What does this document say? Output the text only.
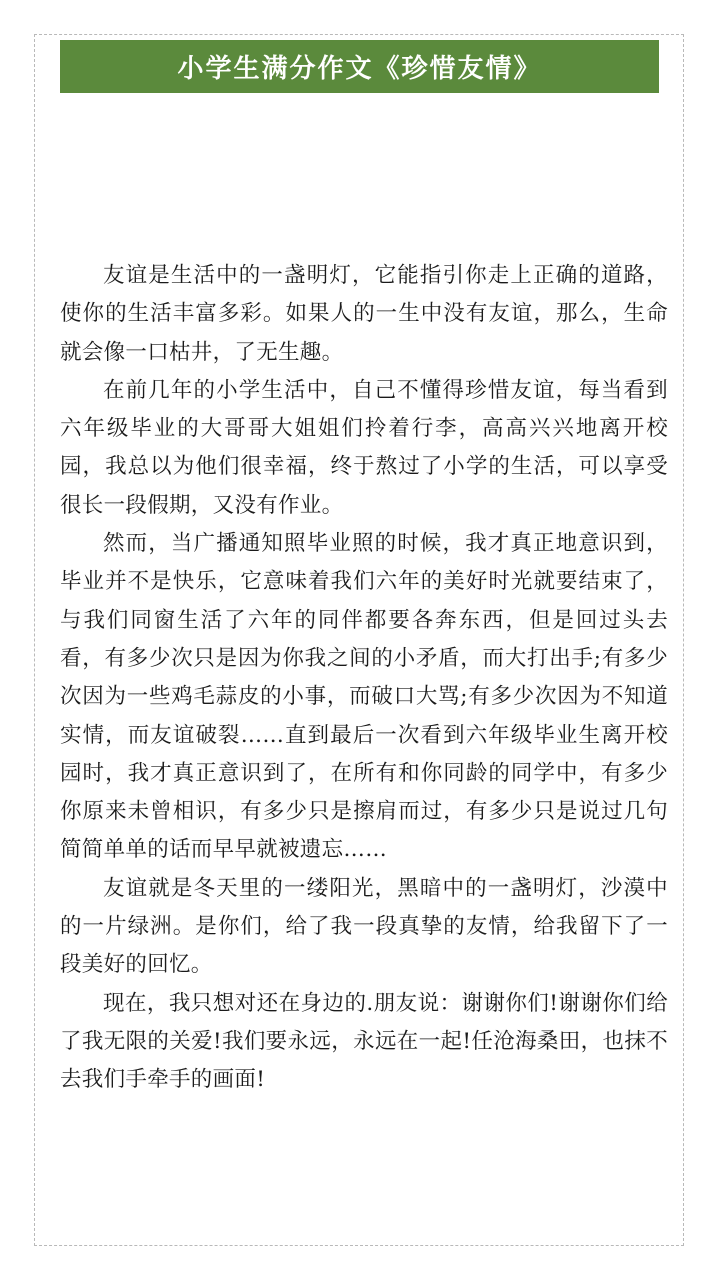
小学生满分作文《珍惜友情》

友谊是生活中的一盏明灯，它能指引你走上正确的道路，使你的生活丰富多彩。如果人的一生中没有友谊，那么，生命就会像一口枯井，了无生趣。

在前几年的小学生活中，自己不懂得珍惜友谊，每当看到六年级毕业的大哥哥大姐姐们拎着行李，高高兴兴地离开校园，我总以为他们很幸福，终于熬过了小学的生活，可以享受很长一段假期，又没有作业。

然而，当广播通知照毕业照的时候，我才真正地意识到，毕业并不是快乐，它意味着我们六年的美好时光就要结束了，与我们同窗生活了六年的同伴都要各奔东西，但是回过头去看，有多少次只是因为你我之间的小矛盾，而大打出手;有多少次因为一些鸡毛蒜皮的小事，而破口大骂;有多少次因为不知道实情，而友谊破裂……直到最后一次看到六年级毕业生离开校园时，我才真正意识到了，在所有和你同龄的同学中，有多少你原来未曾相识，有多少只是擦肩而过，有多少只是说过几句简简单单的话而早早就被遗忘……

友谊就是冬天里的一缕阳光，黑暗中的一盏明灯，沙漠中的一片绿洲。是你们，给了我一段真挚的友情，给我留下了一段美好的回忆。

现在，我只想对还在身边的.朋友说：谢谢你们!谢谢你们给了我无限的关爱!我们要永远，永远在一起!任沧海桑田，也抹不去我们手牵手的画面!
